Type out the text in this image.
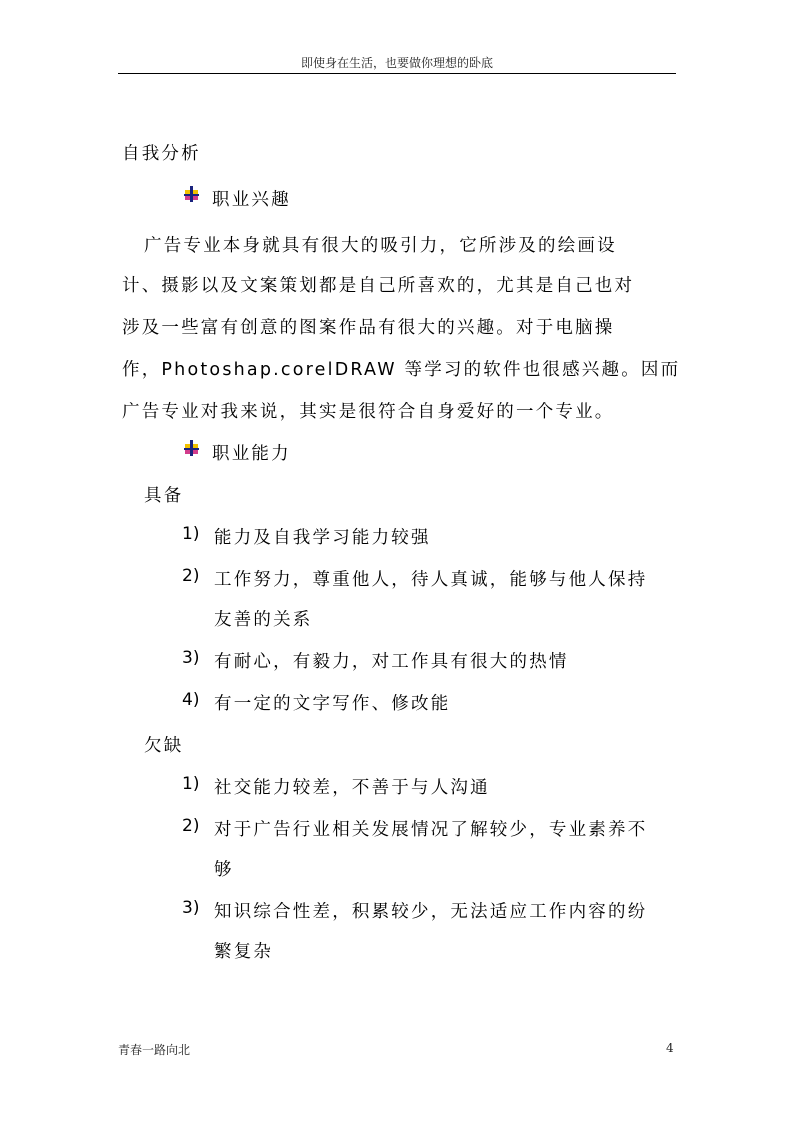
即使身在生活，也要做你理想的卧底
自我分析
职业兴趣
广告专业本身就具有很大的吸引力，它所涉及的绘画设
计、摄影以及文案策划都是自己所喜欢的，尤其是自己也对
涉及一些富有创意的图案作品有很大的兴趣。对于电脑操
作，Photoshap.corelDRAW 等学习的软件也很感兴趣。因而
广告专业对我来说，其实是很符合自身爱好的一个专业。
职业能力
具备
1) 能力及自我学习能力较强
2) 工作努力，尊重他人，待人真诚，能够与他人保持
友善的关系
3) 有耐心，有毅力，对工作具有很大的热情
4) 有一定的文字写作、修改能
欠缺
1) 社交能力较差，不善于与人沟通
2) 对于广告行业相关发展情况了解较少，专业素养不
够
3) 知识综合性差，积累较少，无法适应工作内容的纷
繁复杂
青春一路向北	4
